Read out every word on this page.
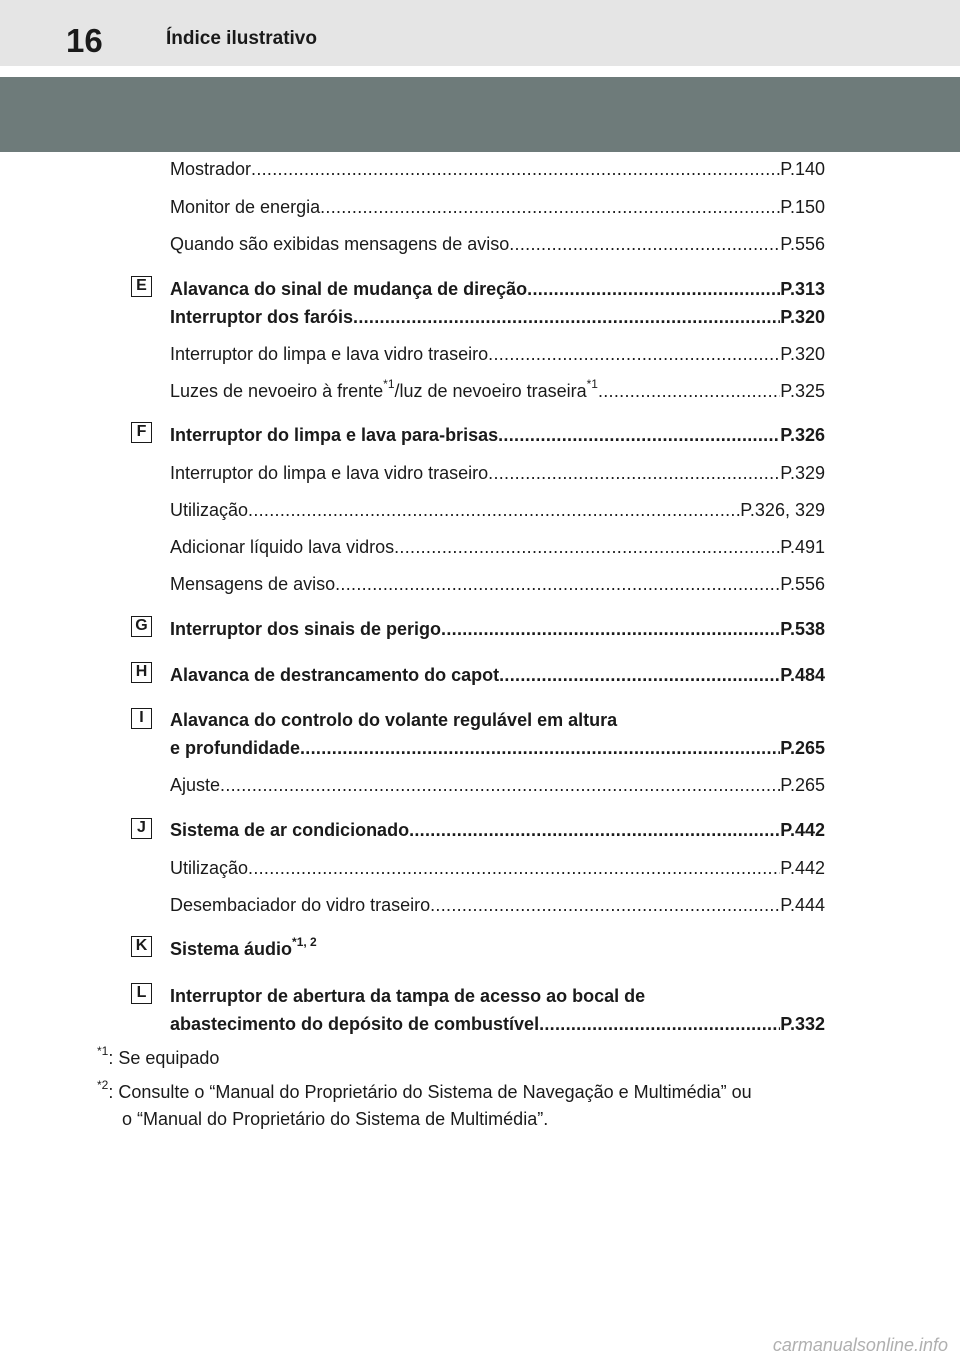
16	Índice ilustrativo
Mostrador .....	P.140
Monitor de energia .....	P.150
Quando são exibidas mensagens de aviso .....	P.556
E Alavanca do sinal de mudança de direção .....	P.313
Interruptor dos faróis .....	P.320
Interruptor do limpa e lava vidro traseiro .....	P.320
Luzes de nevoeiro à frente$^{*1}$/luz de nevoeiro traseira$^{*1}$ .....	P.325
F	Interruptor do limpa e lava para-brisas .....	P.326
Interruptor do limpa e lava vidro traseiro .....	P.329
Utilização .....	P.326, 329
Adicionar líquido lava vidros .....	P.491
Mensagens de aviso .....	P.556
G Interruptor dos sinais de perigo .....	P.538
H Alavanca de destrancamento do capot .....	P.484
I	Alavanca do controlo do volante regulável em altura
e profundidade .....	P.265
Ajuste .....	P.265
J	Sistema de ar condicionado .....	P.442
Utilização .....	P.442
Desembaciador do vidro traseiro .....	P.444
K Sistema áudio$^{*1, 2}$
L	Interruptor de abertura da tampa de acesso ao bocal de
abastecimento do depósito de combustível .....	P.332
$^{*1}$: Se equipado
$^{*2}$: Consulte o “Manual do Proprietário do Sistema de Navegação e Multimédia” ou
o “Manual do Proprietário do Sistema de Multimédia”.
carmanualsonline.info
